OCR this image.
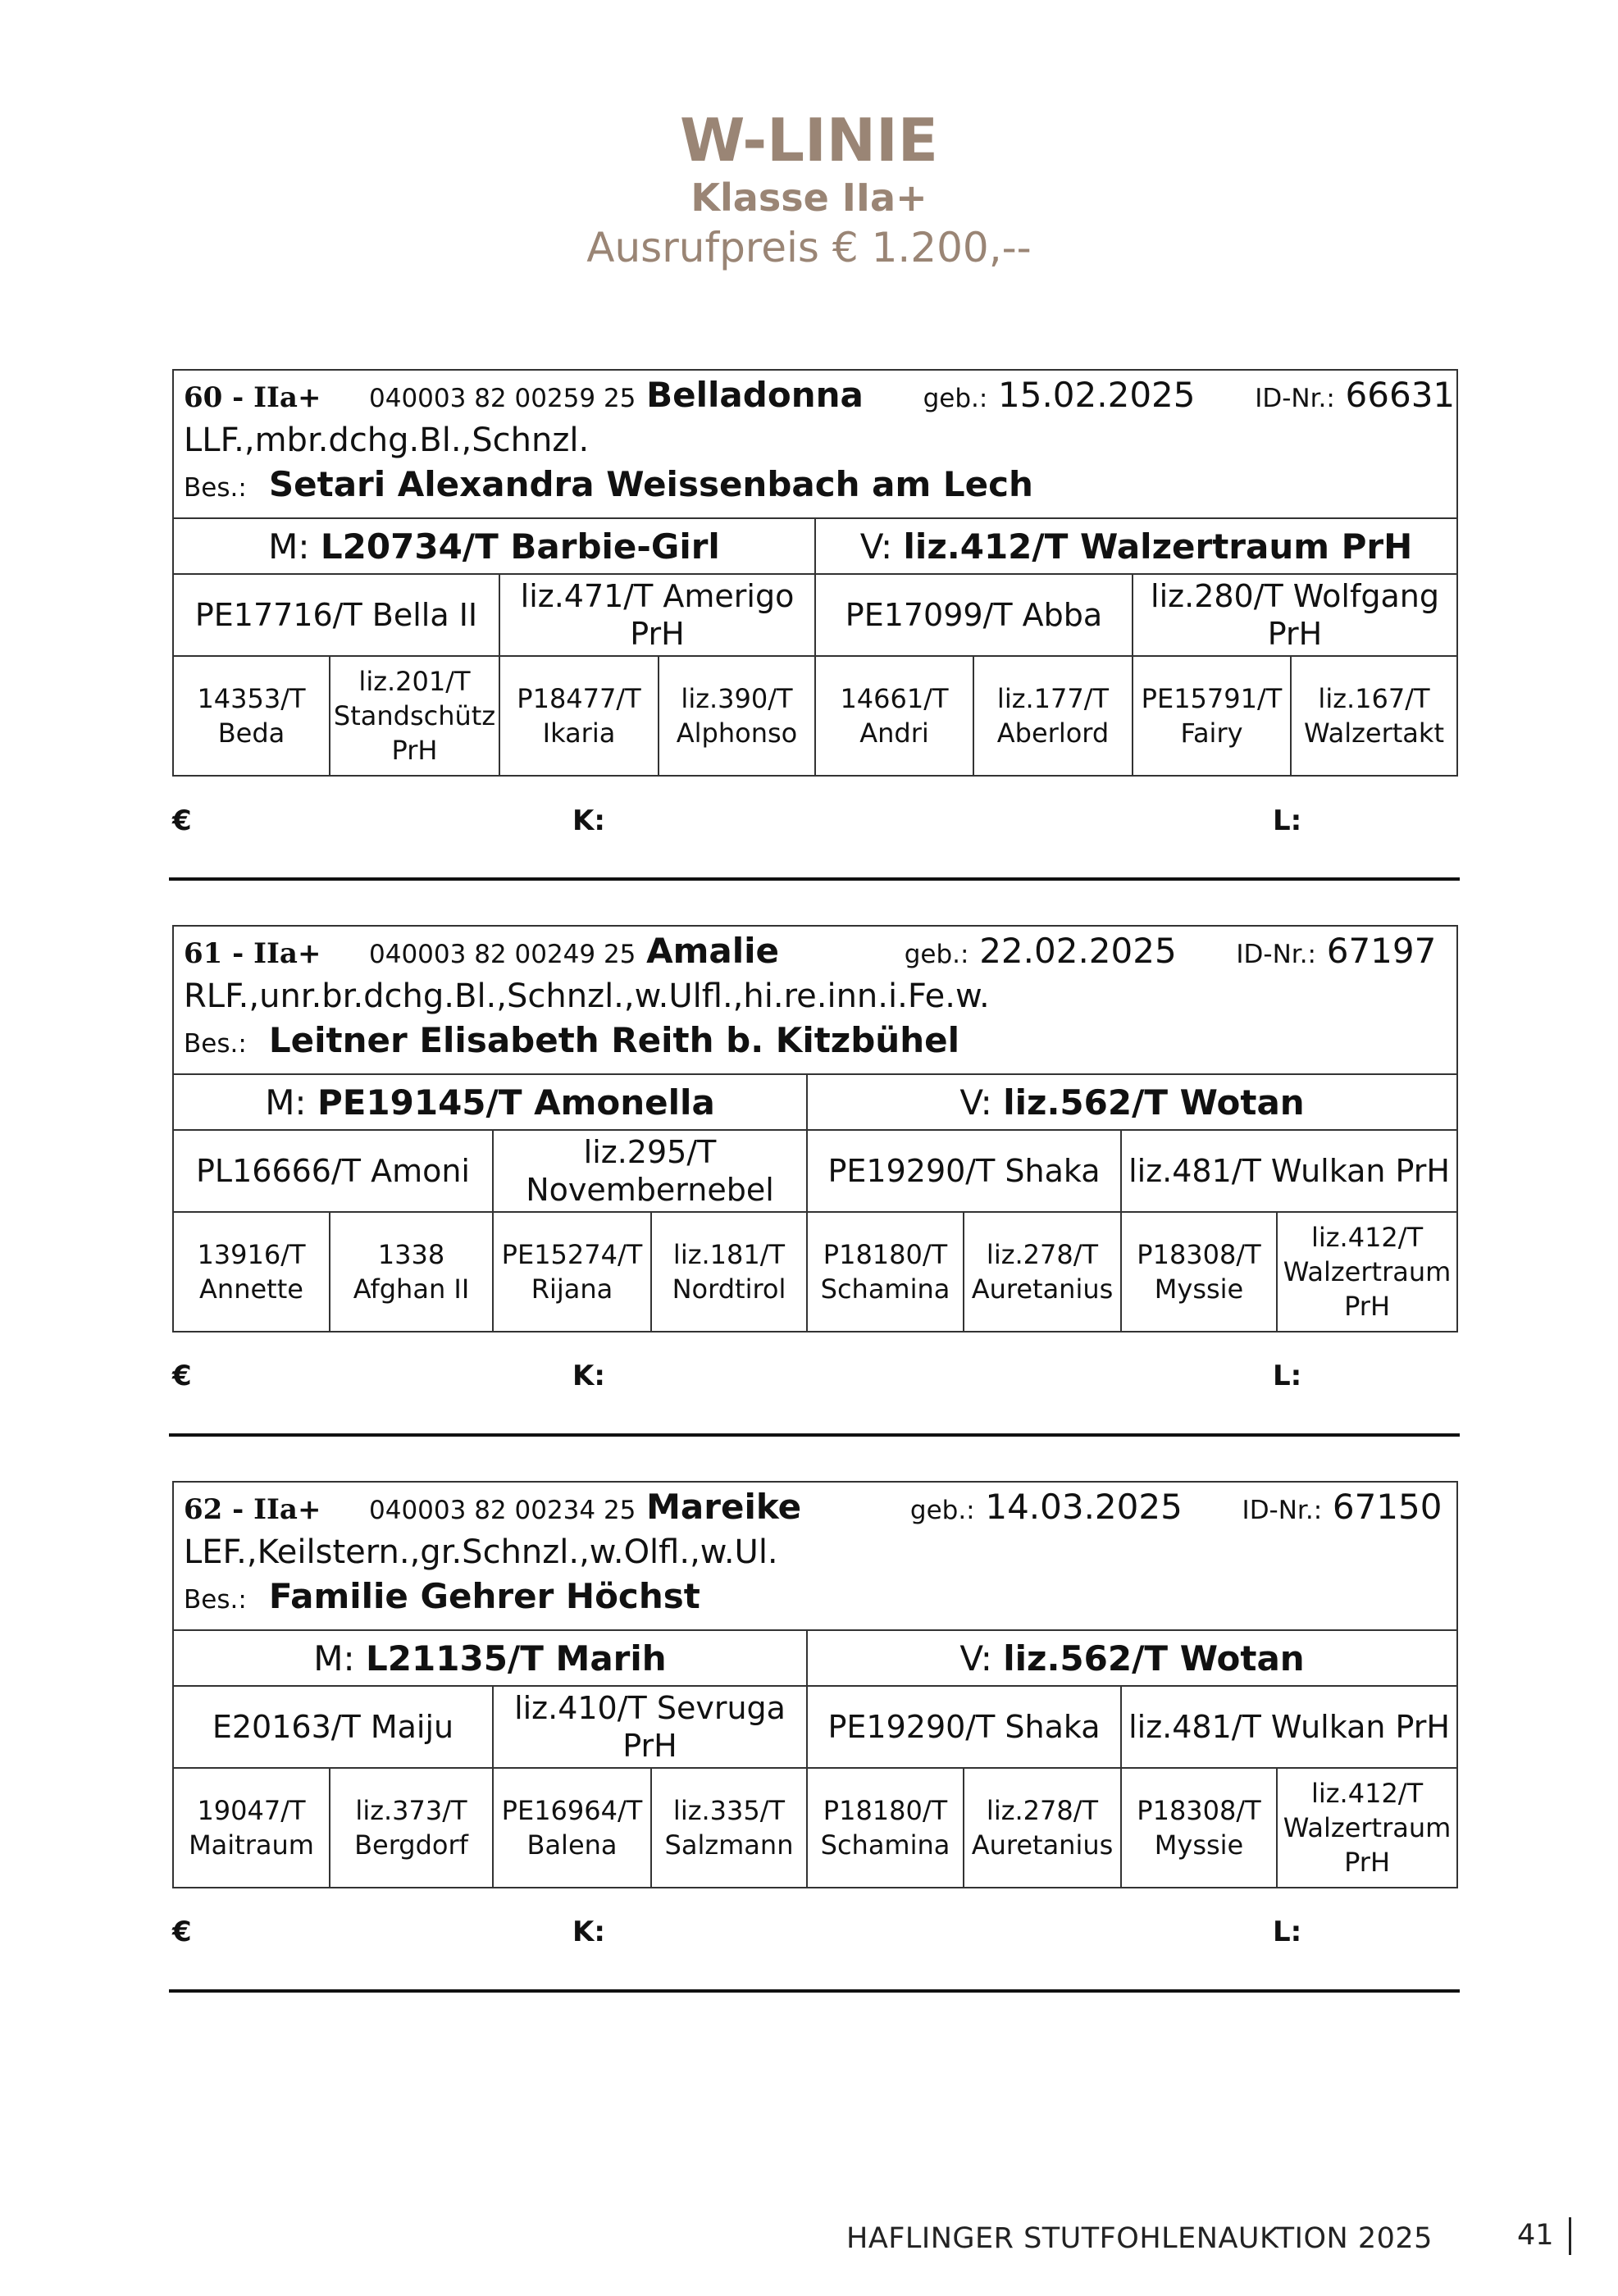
W-LINIE
Klasse IIa+
Ausrufpreis € 1.200,--
60 - IIa+ 040003 82 00259 25 Belladonna geb.: 15.02.2025 ID-Nr.: 66631
LLF.,mbr.dchg.Bl.,Schnzl.
Bes.: Setari Alexandra Weissenbach am Lech							

M: L20734/T Barbie-Girl				V: liz.412/T Walzertraum PrH			
PE17716/T Bella II		liz.471/T Amerigo PrH		PE17099/T Abba		liz.280/T Wolfgang PrH	
14353/T Beda	liz.201/T Standschütz PrH	P18477/T Ikaria	liz.390/T Alphonso	14661/T Andri	liz.177/T Aberlord	PE15791/T Fairy	liz.167/T Walzertakt
€	K:	L:
61 - IIa+ 040003 82 00249 25 Amalie geb.: 22.02.2025 ID-Nr.: 67197
RLF.,unr.br.dchg.Bl.,Schnzl.,w.Ulfl.,hi.re.inn.i.Fe.w.
Bes.: Leitner Elisabeth Reith b. Kitzbühel							

M: PE19145/T Amonella				V: liz.562/T Wotan			
PL16666/T Amoni		liz.295/T Novembernebel		PE19290/T Shaka		liz.481/T Wulkan PrH	
13916/T Annette	1338 Afghan II	PE15274/T Rijana	liz.181/T Nordtirol	P18180/T Schamina	liz.278/T Auretanius	P18308/T Myssie	liz.412/T Walzertraum PrH
€	K:	L:
62 - IIa+ 040003 82 00234 25 Mareike geb.: 14.03.2025 ID-Nr.: 67150
LEF.,Keilstern.,gr.Schnzl.,w.Olfl.,w.Ul.
Bes.: Familie Gehrer Höchst							

M: L21135/T Marih				V: liz.562/T Wotan			
E20163/T Maiju		liz.410/T Sevruga PrH		PE19290/T Shaka		liz.481/T Wulkan PrH	
19047/T Maitraum	liz.373/T Bergdorf	PE16964/T Balena	liz.335/T Salzmann	P18180/T Schamina	liz.278/T Auretanius	P18308/T Myssie	liz.412/T Walzertraum PrH
€	K:	L:
HAFLINGER STUTFOHLENAUKTION 2025	41
